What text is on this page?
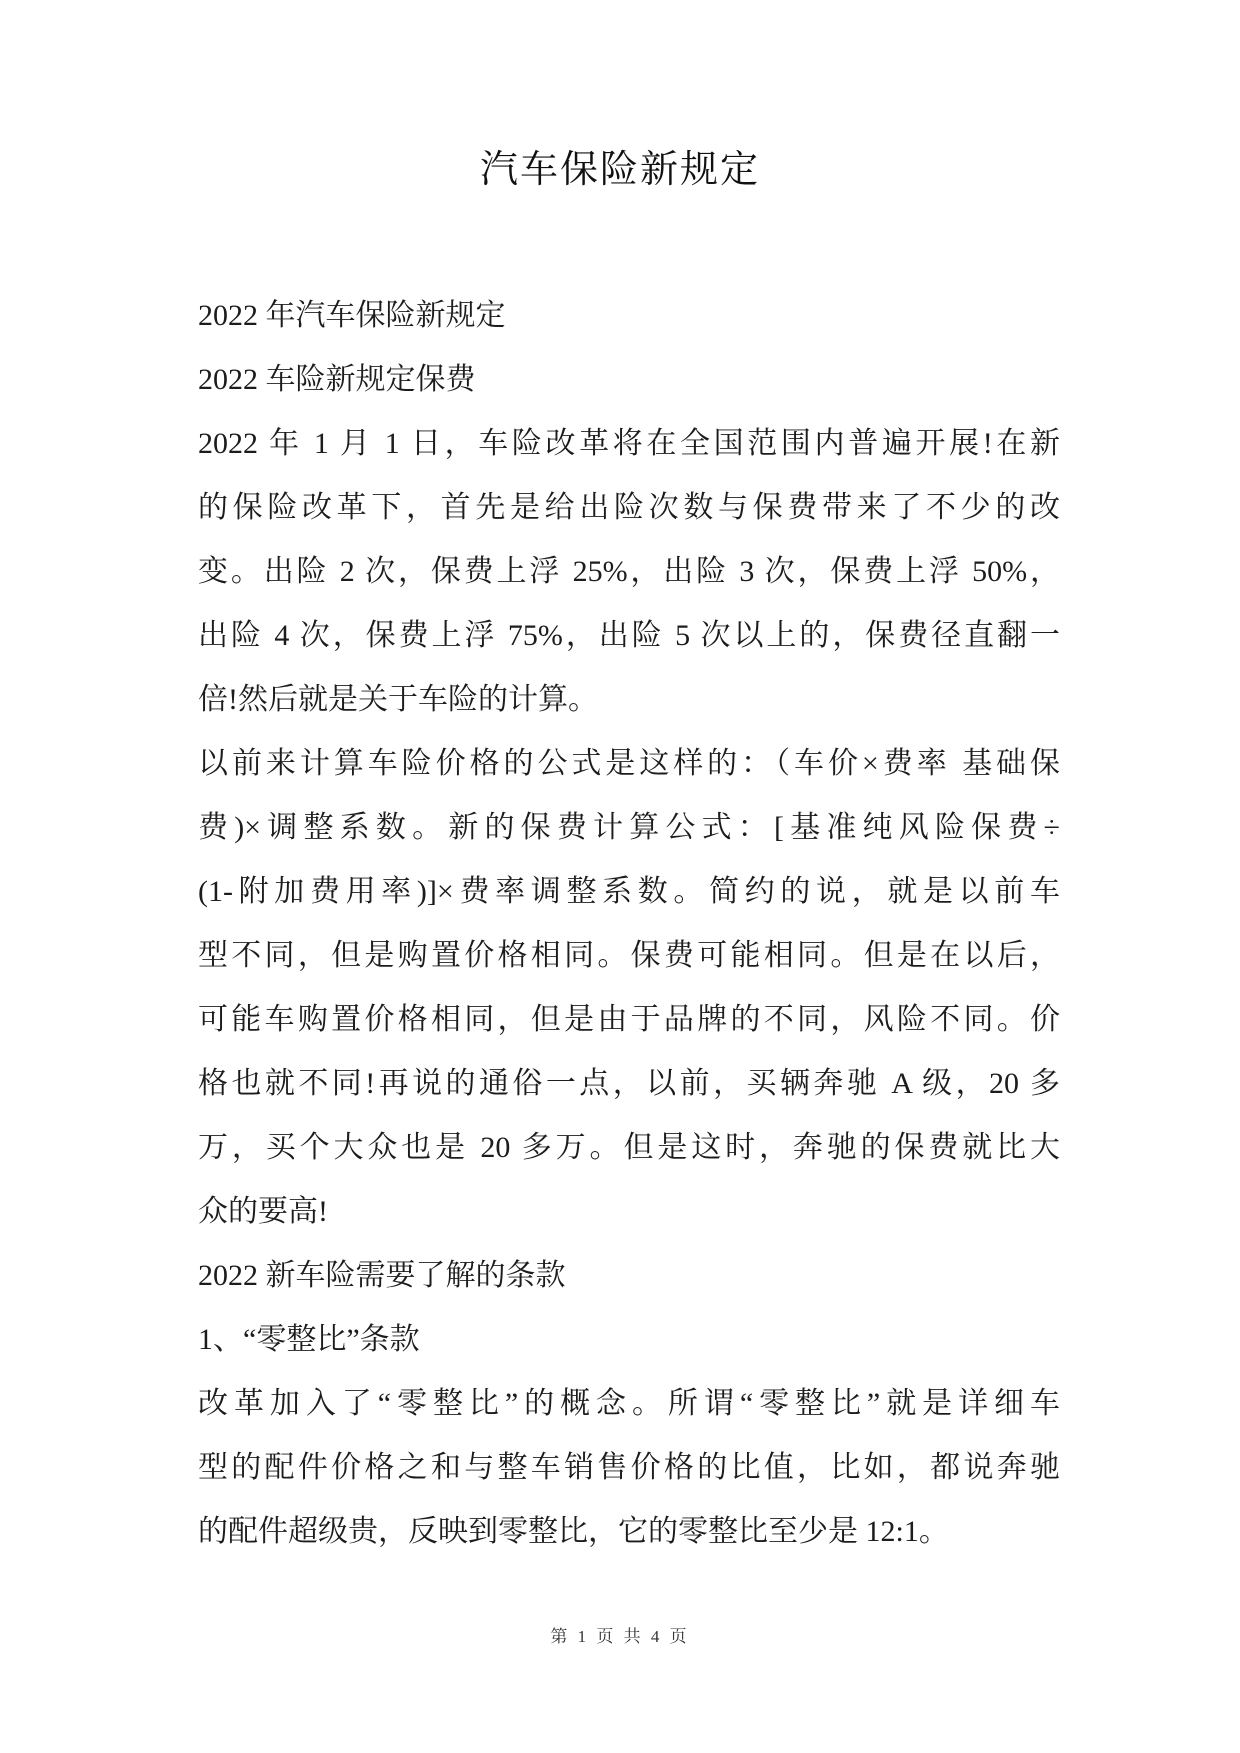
汽车保险新规定
2022 年汽车保险新规定
2022 车险新规定保费
2022 年 1 月 1 日，车险改革将在全国范围内普遍开展!在新
的保险改革下，首先是给出险次数与保费带来了不少的改
变。出险 2 次，保费上浮 25%，出险 3 次，保费上浮 50%，
出险 4 次，保费上浮 75%，出险 5 次以上的，保费径直翻一
倍!然后就是关于车险的计算。
以前来计算车险价格的公式是这样的：（车价×费率 基础保
费)×调整系数。新的保费计算公式：[基准纯风险保费÷
(1-附加费用率)]×费率调整系数。简约的说，就是以前车
型不同，但是购置价格相同。保费可能相同。但是在以后，
可能车购置价格相同，但是由于品牌的不同，风险不同。价
格也就不同!再说的通俗一点，以前，买辆奔驰 A 级，20 多
万，买个大众也是 20 多万。但是这时，奔驰的保费就比大
众的要高!
2022 新车险需要了解的条款
1、“零整比”条款
改革加入了“零整比”的概念。所谓“零整比”就是详细车
型的配件价格之和与整车销售价格的比值，比如，都说奔驰
的配件超级贵，反映到零整比，它的零整比至少是 12:1。
第 1 页 共 4 页
